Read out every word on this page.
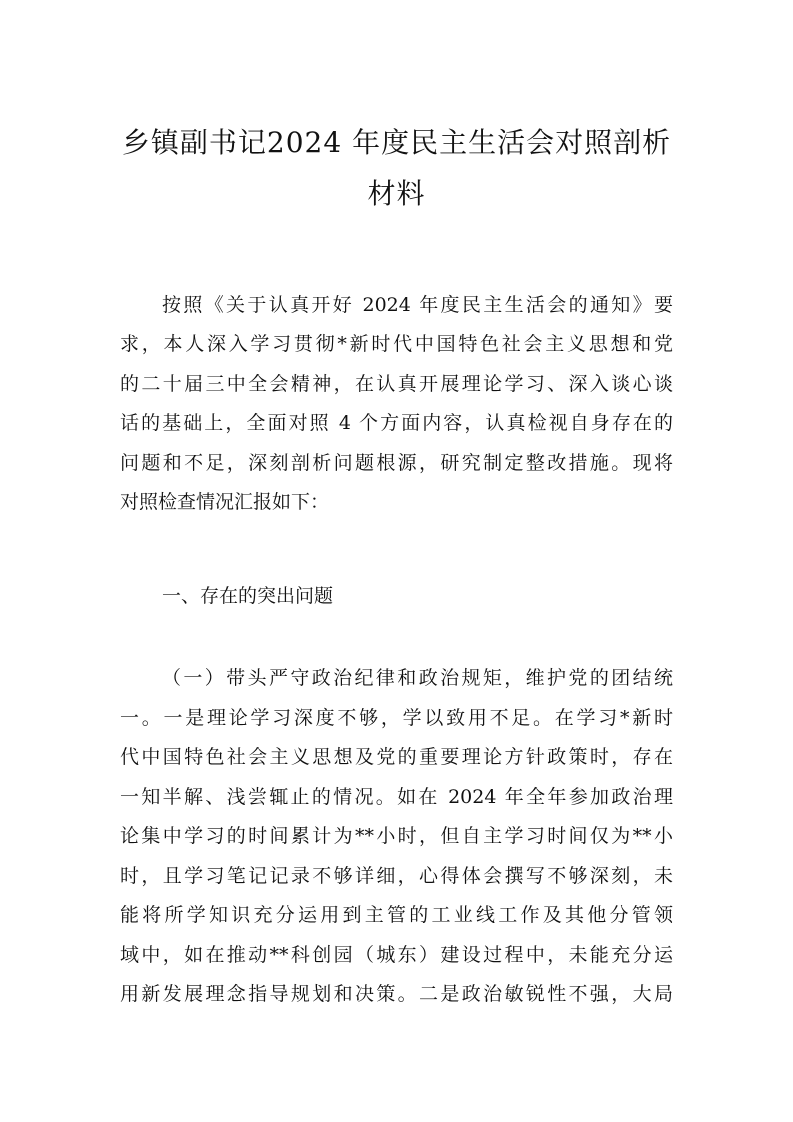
乡镇副书记2024 年度民主生活会对照剖析
材料
按照《关于认真开好 2024 年度民主生活会的通知》要
求，本人深入学习贯彻*新时代中国特色社会主义思想和党
的二十届三中全会精神，在认真开展理论学习、深入谈心谈
话的基础上，全面对照 4 个方面内容，认真检视自身存在的
问题和不足，深刻剖析问题根源，研究制定整改措施。现将
对照检查情况汇报如下：
一、存在的突出问题
（一）带头严守政治纪律和政治规矩，维护党的团结统
一。一是理论学习深度不够，学以致用不足。在学习*新时
代中国特色社会主义思想及党的重要理论方针政策时，存在
一知半解、浅尝辄止的情况。如在 2024 年全年参加政治理
论集中学习的时间累计为**小时，但自主学习时间仅为**小
时，且学习笔记记录不够详细，心得体会撰写不够深刻，未
能将所学知识充分运用到主管的工业线工作及其他分管领
域中，如在推动**科创园（城东）建设过程中，未能充分运
用新发展理念指导规划和决策。二是政治敏锐性不强，大局
